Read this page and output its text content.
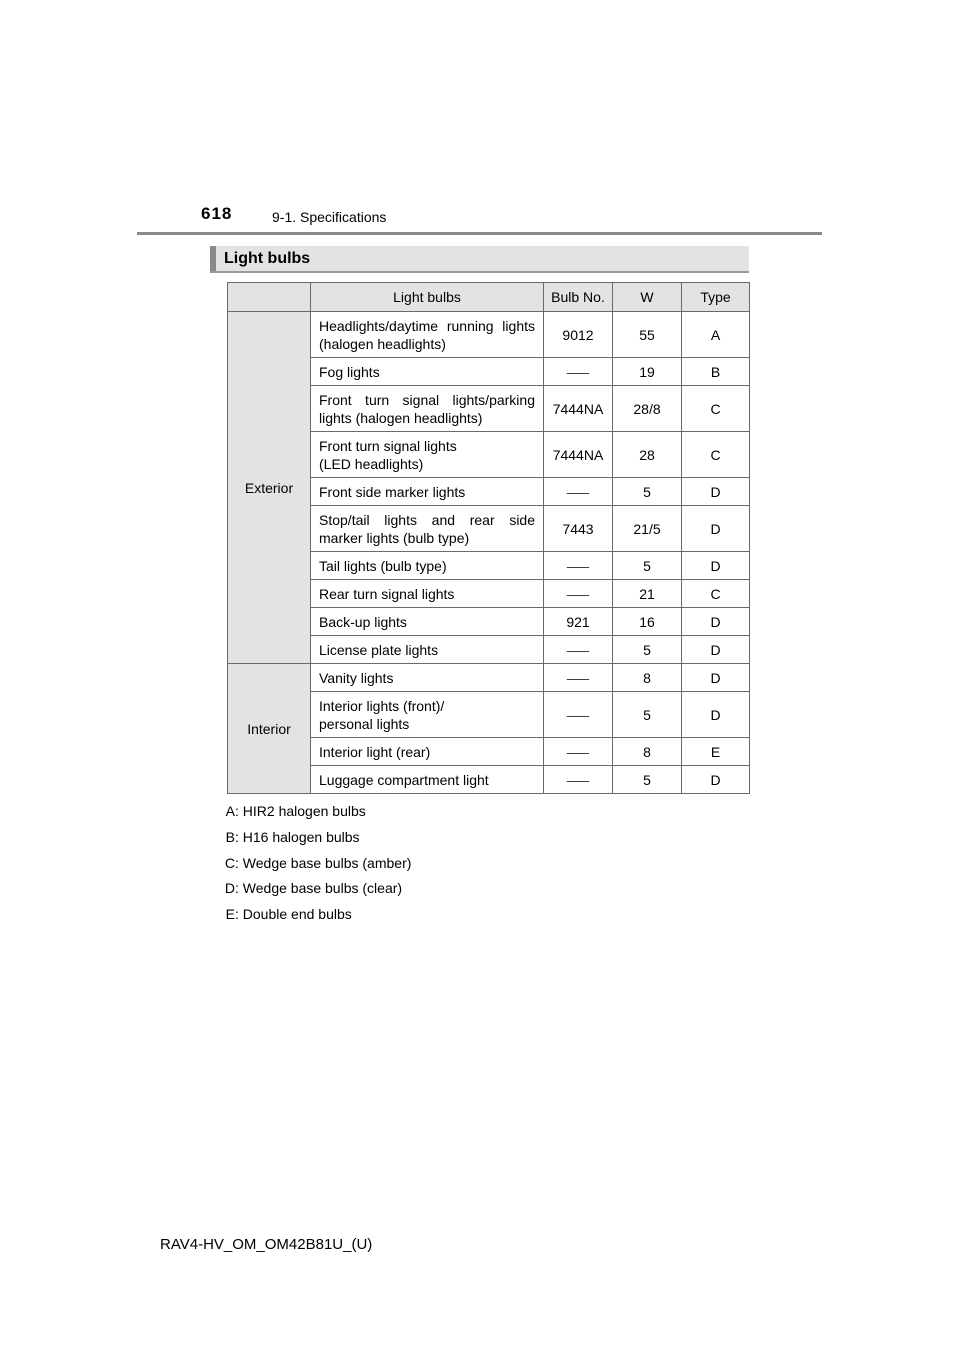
618	9-1. Specifications
Light bulbs
	Light bulbs	Bulb No.	W	Type
Exterior	Headlights/daytime running lights (halogen headlights)	9012	55	A
	Fog lights	⸺	19	B
	Front turn signal lights/parking lights (halogen headlights)	7444NA	28/8	C
	Front turn signal lights (LED headlights)	7444NA	28	C
	Front side marker lights	⸺	5	D
	Stop/tail lights and rear side marker lights (bulb type)	7443	21/5	D
	Tail lights (bulb type)	⸺	5	D
	Rear turn signal lights	⸺	21	C
	Back-up lights	921	16	D
	License plate lights	⸺	5	D
Interior	Vanity lights	⸺	8	D
	Interior lights (front)/ personal lights	⸺	5	D
	Interior light (rear)	⸺	8	E
	Luggage compartment light	⸺	5	D
A: HIR2 halogen bulbs
B: H16 halogen bulbs
C: Wedge base bulbs (amber)
D: Wedge base bulbs (clear)
E: Double end bulbs
RAV4-HV_OM_OM42B81U_(U)
